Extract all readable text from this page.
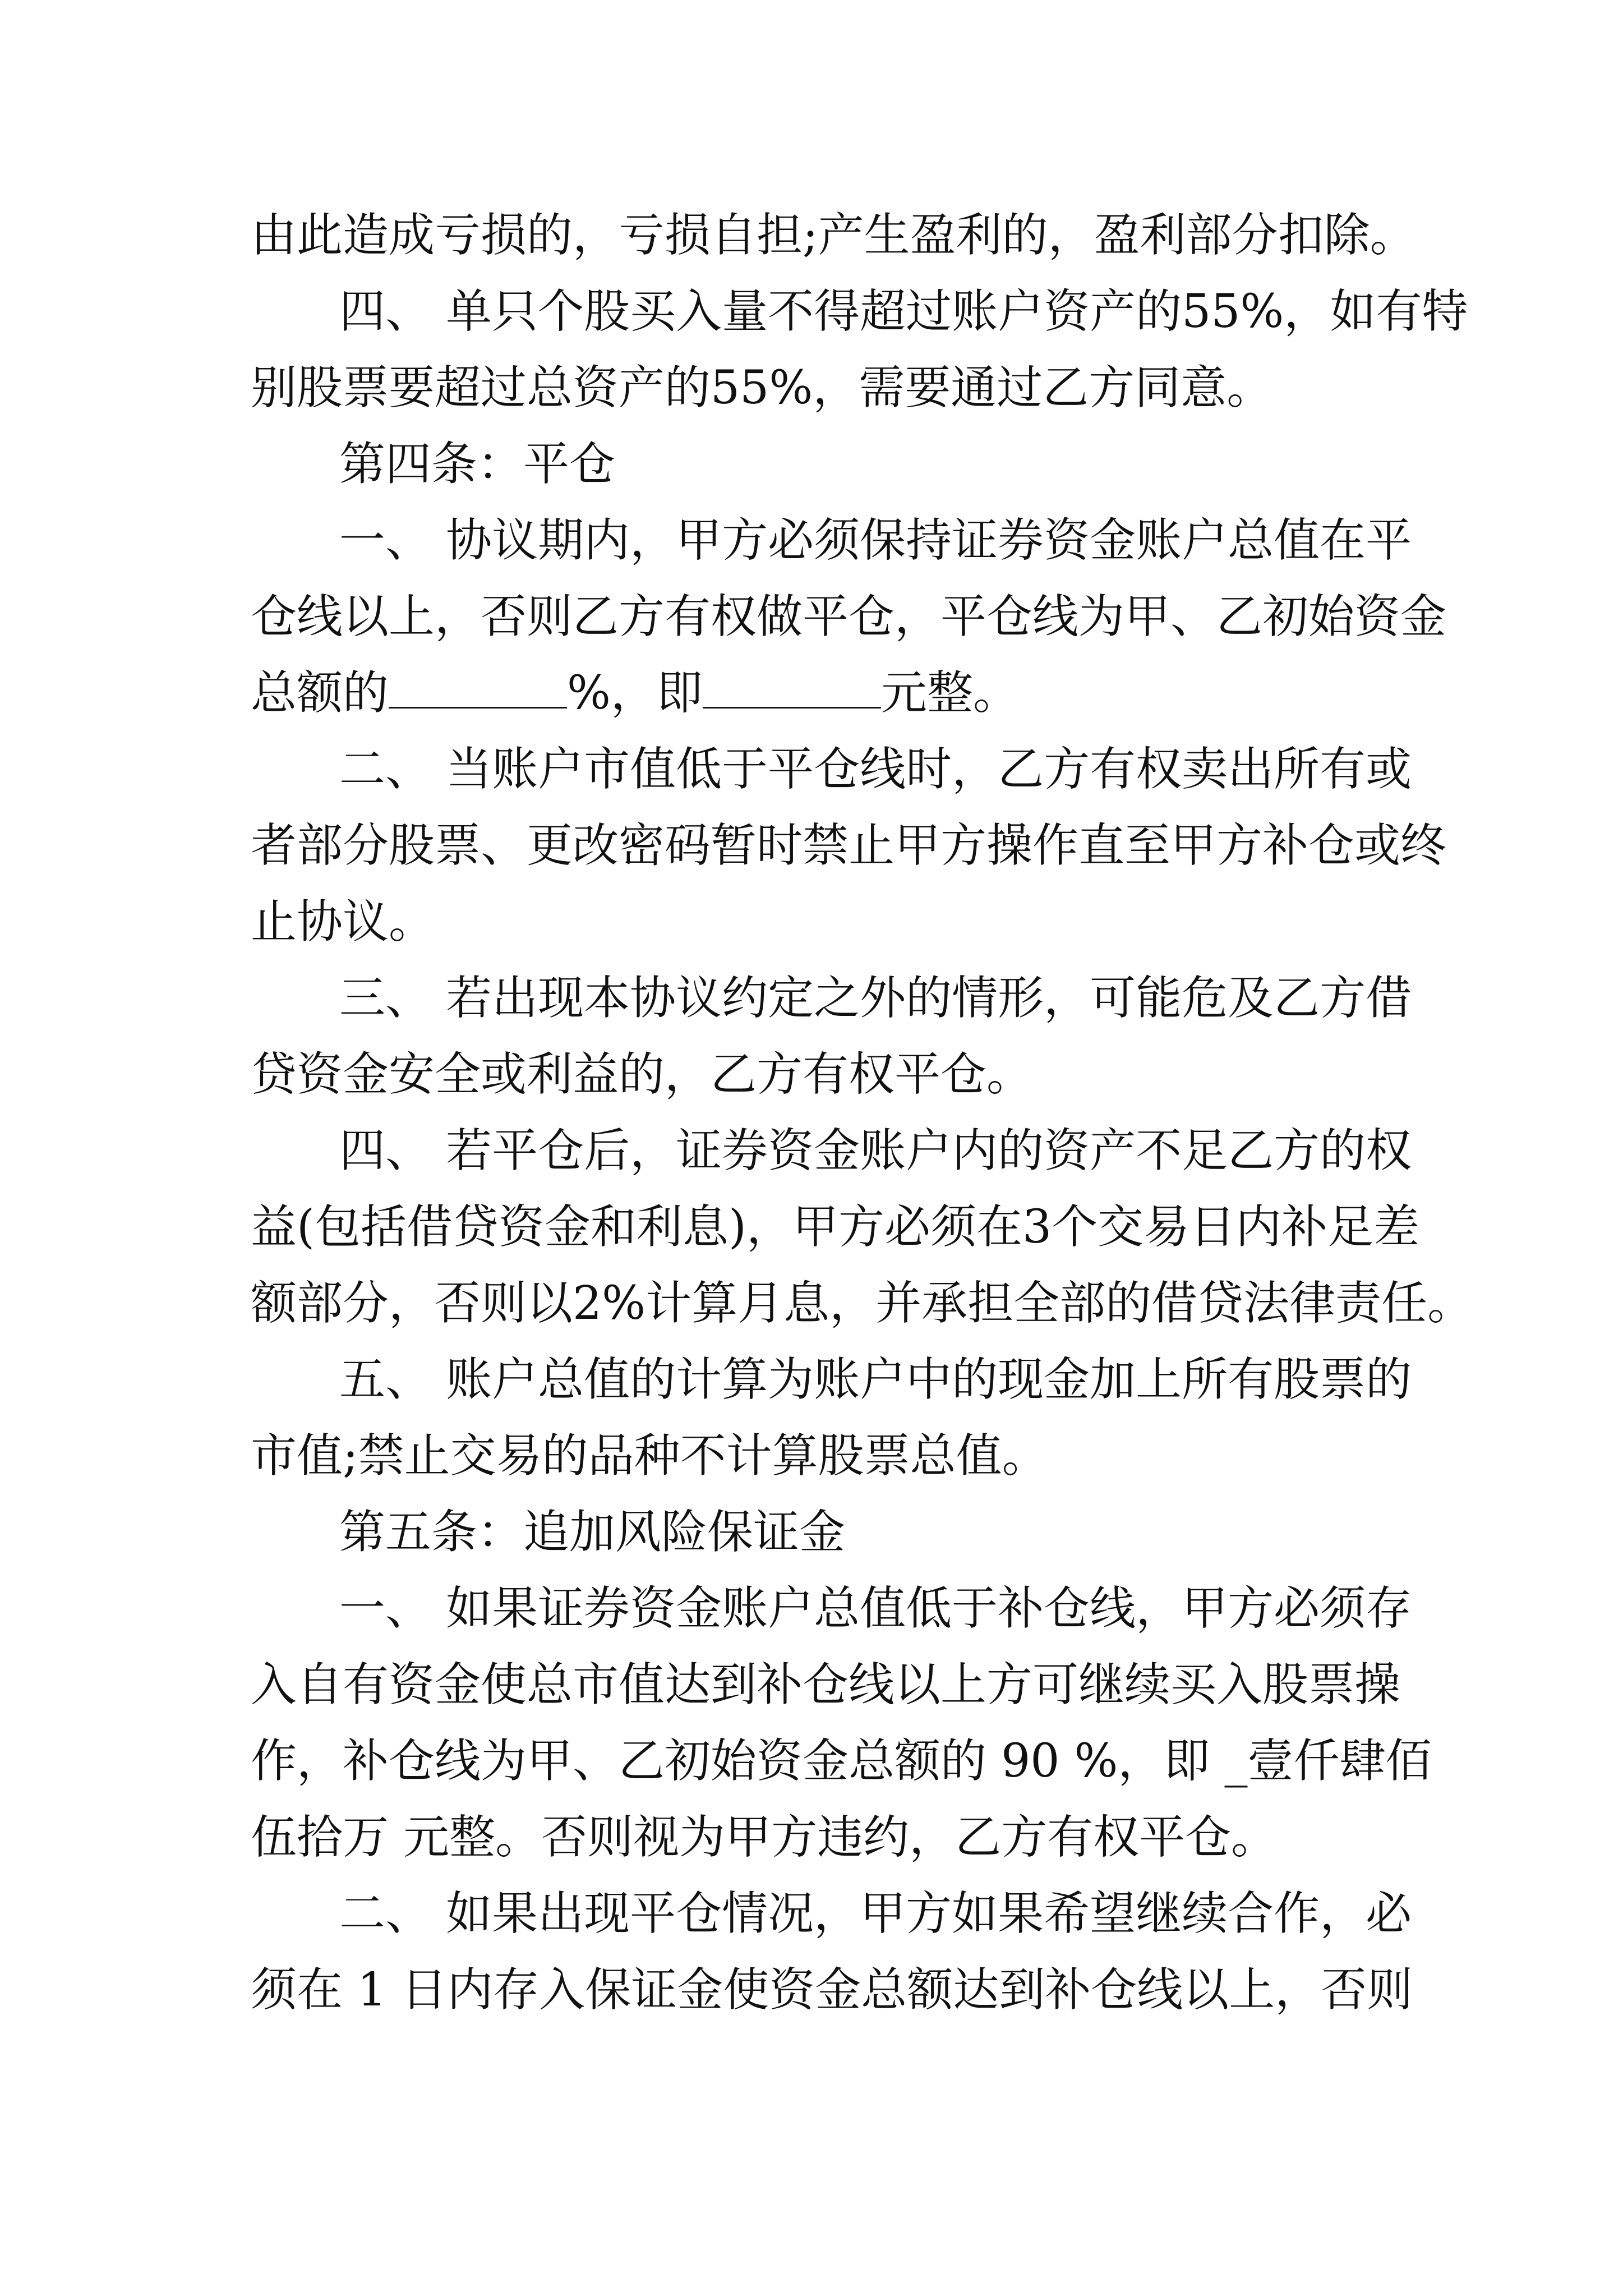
由此造成亏损的，亏损自担;产生盈利的，盈利部分扣除。
四、 单只个股买入量不得超过账户资产的55%，如有特
别股票要超过总资产的55%，需要通过乙方同意。
第四条：平仓
一、 协议期内，甲方必须保持证券资金账户总值在平
仓线以上，否则乙方有权做平仓，平仓线为甲、乙初始资金
总额的	%，即	元整。
二、 当账户市值低于平仓线时，乙方有权卖出所有或
者部分股票、更改密码暂时禁止甲方操作直至甲方补仓或终
止协议。
三、 若出现本协议约定之外的情形，可能危及乙方借
贷资金安全或利益的，乙方有权平仓。
四、 若平仓后，证券资金账户内的资产不足乙方的权
益(包括借贷资金和利息)，甲方必须在3个交易日内补足差
额部分，否则以2%计算月息，并承担全部的借贷法律责任。
五、 账户总值的计算为账户中的现金加上所有股票的
市值;禁止交易的品种不计算股票总值。
第五条：追加风险保证金
一、 如果证券资金账户总值低于补仓线，甲方必须存
入自有资金使总市值达到补仓线以上方可继续买入股票操
作，补仓线为甲、乙初始资金总额的 90 %，即 _壹仟肆佰
伍拾万 元整。否则视为甲方违约，乙方有权平仓。
二、 如果出现平仓情况，甲方如果希望继续合作，必
须在 1 日内存入保证金使资金总额达到补仓线以上，否则
